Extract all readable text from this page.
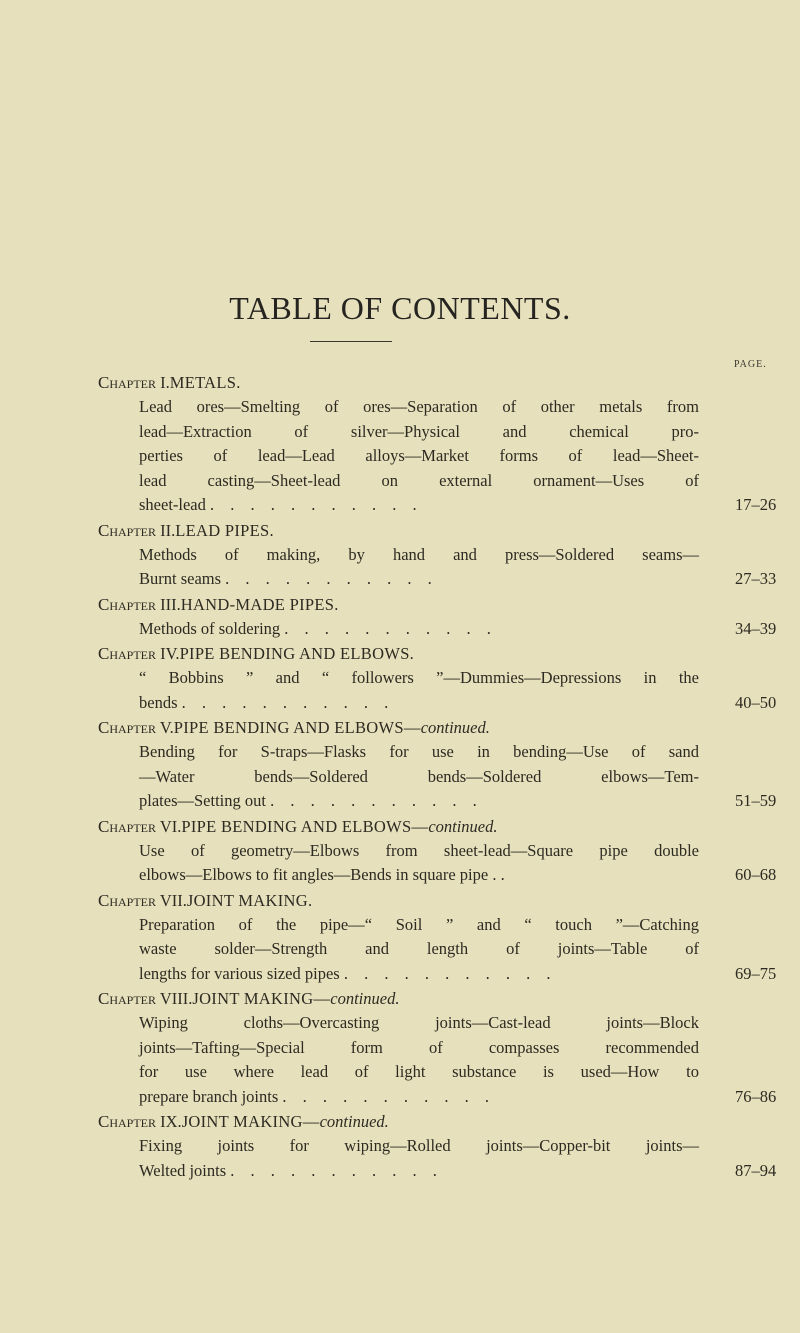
TABLE OF CONTENTS.
PAGE.
Chapter I.METALS.
Lead ores—Smelting of ores—Separation of other metals from
lead—Extraction of silver—Physical and chemical pro-
perties of lead—Lead alloys—Market forms of lead—Sheet-
lead casting—Sheet-lead on external ornament—Uses of
sheet-lead . . . . . . . . . . .	17–26
Chapter II.LEAD PIPES.
Methods of making, by hand and press—Soldered seams—
Burnt seams . . . . . . . . . . .	27–33
Chapter III.HAND-MADE PIPES.
Methods of soldering . . . . . . . . . . .	34–39
Chapter IV.PIPE BENDING AND ELBOWS.
“ Bobbins ” and “ followers ”—Dummies—Depressions in the
bends . . . . . . . . . . .	40–50
Chapter V.PIPE BENDING AND ELBOWS—continued.
Bending for S-traps—Flasks for use in bending—Use of sand
—Water bends—Soldered bends—Soldered elbows—Tem-
plates—Setting out . . . . . . . . . . .	51–59
Chapter VI.PIPE BENDING AND ELBOWS—continued.
Use of geometry—Elbows from sheet-lead—Square pipe double
elbows—Elbows to fit angles—Bends in square pipe . .	60–68
Chapter VII.JOINT MAKING.
Preparation of the pipe—“ Soil ” and “ touch ”—Catching
waste solder—Strength and length of joints—Table of
lengths for various sized pipes . . . . . . . . . . .	69–75
Chapter VIII.JOINT MAKING—continued.
Wiping cloths—Overcasting joints—Cast-lead joints—Block
joints—Tafting—Special form of compasses recommended
for use where lead of light substance is used—How to
prepare branch joints . . . . . . . . . . .	76–86
Chapter IX.JOINT MAKING—continued.
Fixing joints for wiping—Rolled joints—Copper-bit joints—
Welted joints . . . . . . . . . . .	87–94
